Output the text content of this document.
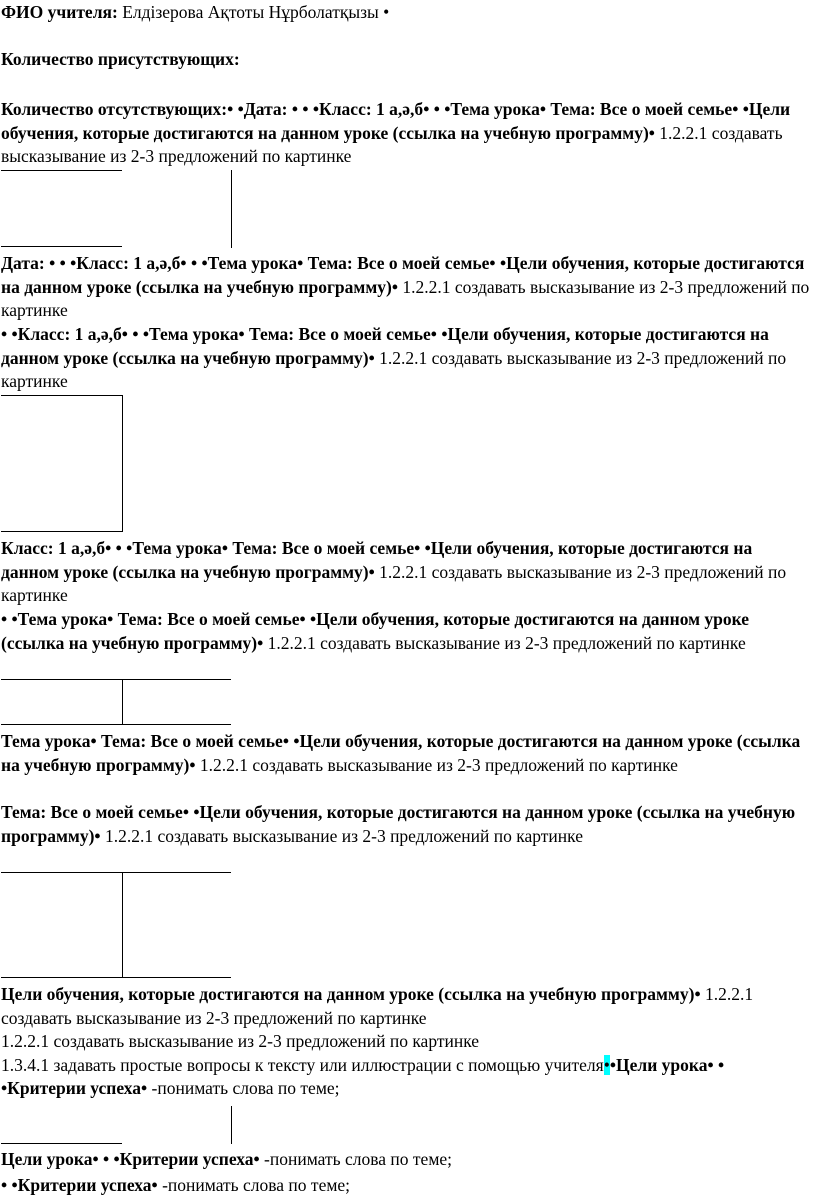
ФИО учителя: Елдізерова Ақтоты Нұрболатқызы •

Количество присутствующих:

Количество отсутствующих:• •Дата: • • •Класс: 1 а,ә,б• • •Тема урока• Тема: Все о моей семье• •Цели обучения, которые достигаются на данном уроке (ссылка на учебную программу)• 1.2.2.1 создавать высказывание из 2-3 предложений по картинке

Дата: • • •Класс: 1 а,ә,б• • •Тема урока• Тема: Все о моей семье• •Цели обучения, которые достигаются на данном уроке (ссылка на учебную программу)• 1.2.2.1 создавать высказывание из 2-3 предложений по картинке

• •Класс: 1 а,ә,б• • •Тема урока• Тема: Все о моей семье• •Цели обучения, которые достигаются на данном уроке (ссылка на учебную программу)• 1.2.2.1 создавать высказывание из 2-3 предложений по картинке

Класс: 1 а,ә,б• • •Тема урока• Тема: Все о моей семье• •Цели обучения, которые достигаются на данном уроке (ссылка на учебную программу)• 1.2.2.1 создавать высказывание из 2-3 предложений по картинке

• •Тема урока• Тема: Все о моей семье• •Цели обучения, которые достигаются на данном уроке (ссылка на учебную программу)• 1.2.2.1 создавать высказывание из 2-3 предложений по картинке

Тема урока• Тема: Все о моей семье• •Цели обучения, которые достигаются на данном уроке (ссылка на учебную программу)• 1.2.2.1 создавать высказывание из 2-3 предложений по картинке

Тема: Все о моей семье• •Цели обучения, которые достигаются на данном уроке (ссылка на учебную программу)• 1.2.2.1 создавать высказывание из 2-3 предложений по картинке

Цели обучения, которые достигаются на данном уроке (ссылка на учебную программу)• 1.2.2.1 создавать высказывание из 2-3 предложений по картинке
1.2.2.1 создавать высказывание из 2-3 предложений по картинке
1.3.4.1 задавать простые вопросы к тексту или иллюстрации с помощью учителя••Цели урока• • •Критерии успеха• -понимать слова по теме;

Цели урока• • •Критерии успеха• -понимать слова по теме;

• •Критерии успеха• -понимать слова по теме;
